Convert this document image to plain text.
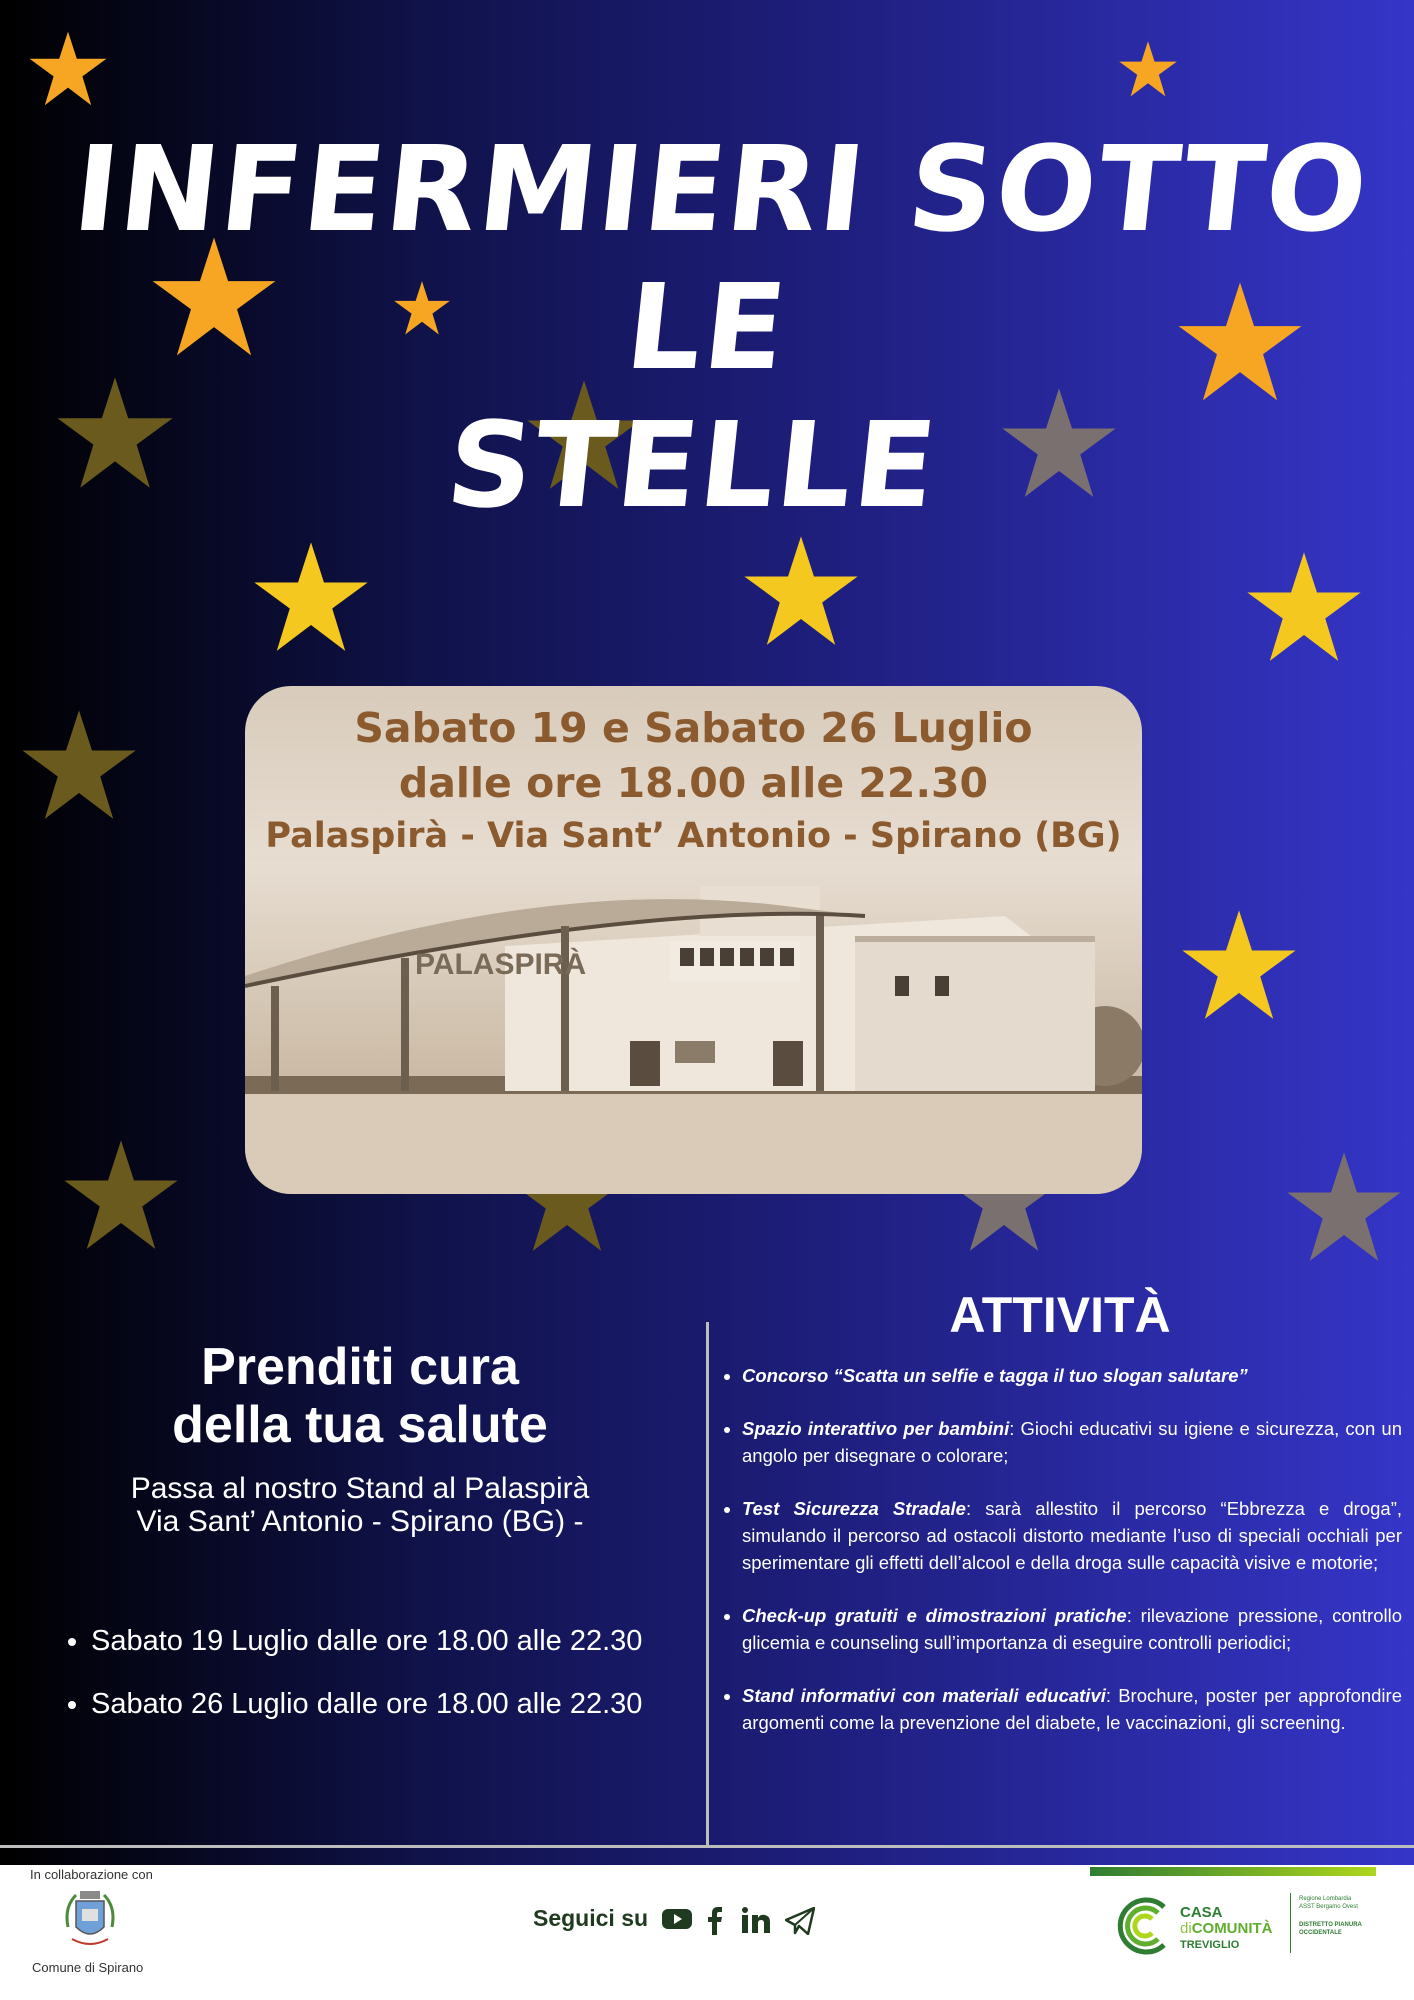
INFERMIERI SOTTO LE
STELLE
PALASPIRÀ
Sabato 19 e Sabato 26 Luglio
dalle ore 18.00 alle 22.30
Palaspirà - Via Sant’ Antonio - Spirano (BG)
Prenditi cura
della tua salute
Passa al nostro Stand al Palaspirà
Via Sant’ Antonio - Spirano (BG) -
• Sabato 19 Luglio dalle ore 18.00 alle 22.30
• Sabato 26 Luglio dalle ore 18.00 alle 22.30
ATTIVITÀ
• Concorso “Scatta un selfie e tagga il tuo slogan salutare”
• Spazio interattivo per bambini: Giochi educativi su igiene e sicurezza, con un angolo per disegnare o colorare;
• Test Sicurezza Stradale: sarà allestito il percorso “Ebbrezza e droga”, simulando il percorso ad ostacoli distorto mediante l’uso di speciali occhiali per sperimentare gli effetti dell’alcool e della droga sulle capacità visive e motorie;
• Check-up gratuiti e dimostrazioni pratiche: rilevazione pressione, controllo glicemia e counseling sull’importanza di eseguire controlli periodici;
• Stand informativi con materiali educativi: Brochure, poster per approfondire argomenti come la prevenzione del diabete, le vaccinazioni, gli screening.
In collaborazione con
Comune di Spirano
Seguici su	CASA
diCOMUNITÀ
TREVIGLIO
Regione Lombardia
ASST Bergamo Ovest
DISTRETTO PIANURA
OCCIDENTALE
